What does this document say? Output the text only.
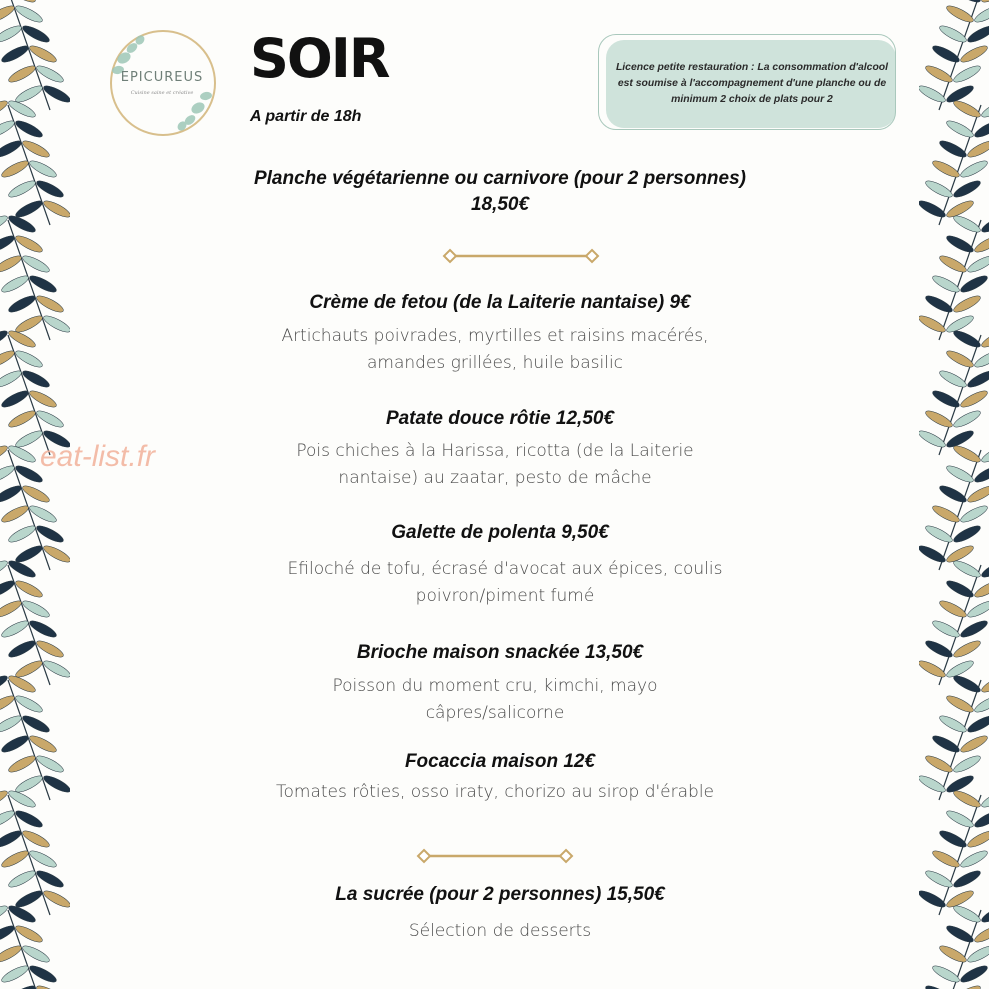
EPICUREUS
Cuisine saine et créative
SOIR
A partir de 18h
Licence petite restauration : La consommation d'alcool est soumise à l'accompagnement d'une planche ou de minimum 2 choix de plats pour 2
eat-list.fr
Planche végétarienne ou carnivore (pour 2 personnes) 18,50€
Crème de fetou (de la Laiterie nantaise) 9€
Artichauts poivrades, myrtilles et raisins macérés, amandes grillées, huile basilic
Patate douce rôtie 12,50€
Pois chiches à la Harissa, ricotta (de la Laiterie nantaise) au zaatar, pesto de mâche
Galette de polenta 9,50€
Efiloché de tofu, écrasé d'avocat aux épices, coulis poivron/piment fumé
Brioche maison snackée 13,50€
Poisson du moment cru, kimchi, mayo câpres/salicorne
Focaccia maison 12€
Tomates rôties, osso iraty, chorizo au sirop d'érable
La sucrée (pour 2 personnes) 15,50€
Sélection de desserts
